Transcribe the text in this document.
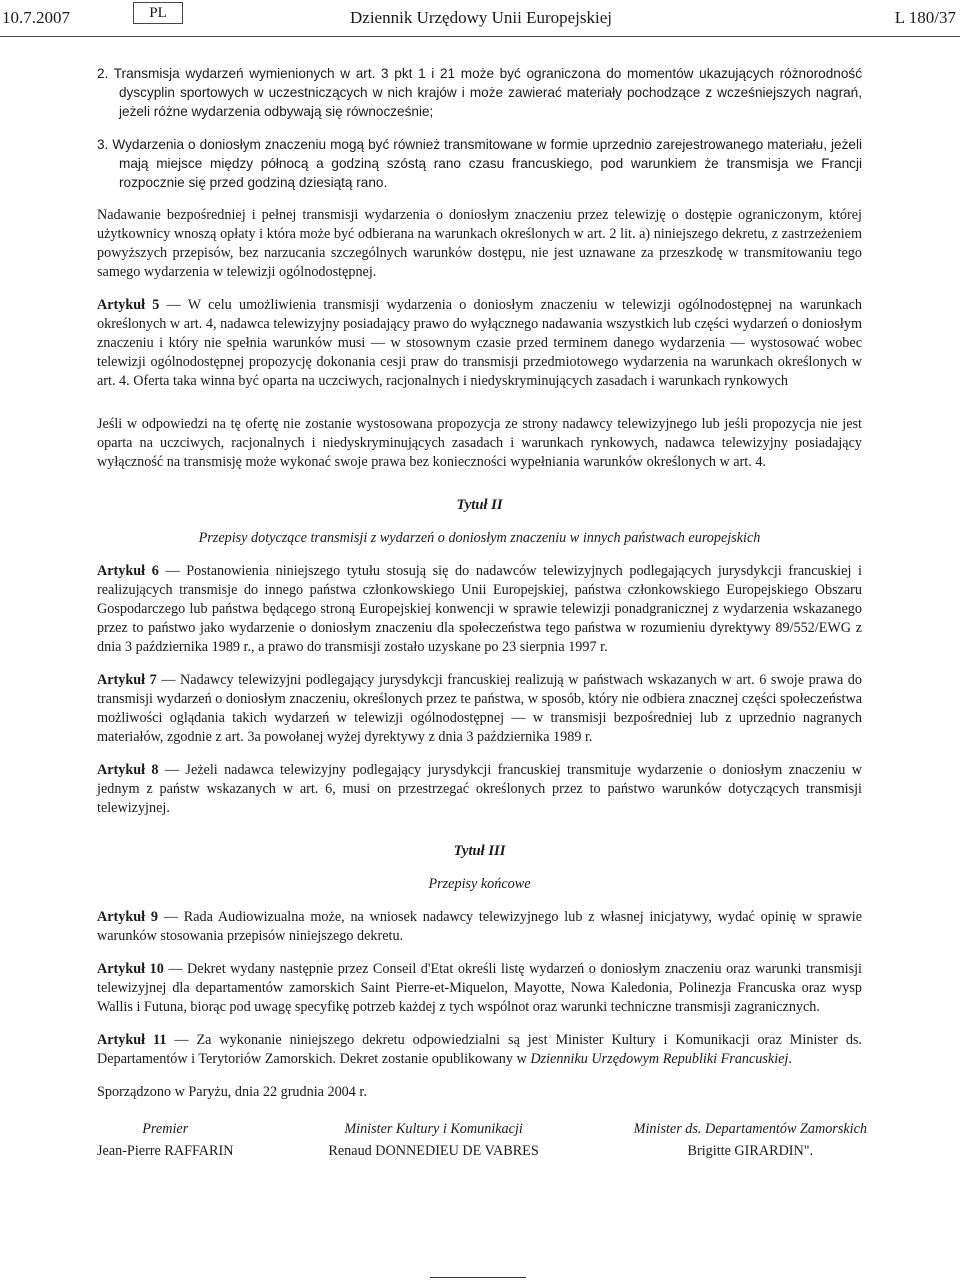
10.7.2007	PL	Dziennik Urzędowy Unii Europejskiej	L 180/37

2. Transmisja wydarzeń wymienionych w art. 3 pkt 1 i 21 może być ograniczona do momentów ukazujących różnorodność dyscyplin sportowych w uczestniczących w nich krajów i może zawierać materiały pochodzące z wcześniejszych nagrań, jeżeli różne wydarzenia odbywają się równocześnie;

3. Wydarzenia o doniosłym znaczeniu mogą być również transmitowane w formie uprzednio zarejestrowanego materiału, jeżeli mają miejsce między północą a godziną szóstą rano czasu francuskiego, pod warunkiem że transmisja we Francji rozpocznie się przed godziną dziesiątą rano.

Nadawanie bezpośredniej i pełnej transmisji wydarzenia o doniosłym znaczeniu przez telewizję o dostępie ograniczonym, której użytkownicy wnoszą opłaty i która może być odbierana na warunkach określonych w art. 2 lit. a) niniejszego dekretu, z zastrzeżeniem powyższych przepisów, bez narzucania szczególnych warunków dostępu, nie jest uznawane za przeszkodę w transmitowaniu tego samego wydarzenia w telewizji ogólnodostępnej.

Artykuł 5 — W celu umożliwienia transmisji wydarzenia o doniosłym znaczeniu w telewizji ogólnodostępnej na warunkach określonych w art. 4, nadawca telewizyjny posiadający prawo do wyłącznego nadawania wszystkich lub części wydarzeń o doniosłym znaczeniu i który nie spełnia warunków musi — w stosownym czasie przed terminem danego wydarzenia — wystosować wobec telewizji ogólnodostępnej propozycję dokonania cesji praw do transmisji przedmiotowego wydarzenia na warunkach określonych w art. 4. Oferta taka winna być oparta na uczciwych, racjonalnych i niedyskryminujących zasadach i warunkach rynkowych

Jeśli w odpowiedzi na tę ofertę nie zostanie wystosowana propozycja ze strony nadawcy telewizyjnego lub jeśli propozycja nie jest oparta na uczciwych, racjonalnych i niedyskryminujących zasadach i warunkach rynkowych, nadawca telewizyjny posiadający wyłączność na transmisję może wykonać swoje prawa bez konieczności wypełniania warunków określonych w art. 4.

Tytuł II

Przepisy dotyczące transmisji z wydarzeń o doniosłym znaczeniu w innych państwach europejskich

Artykuł 6 — Postanowienia niniejszego tytułu stosują się do nadawców telewizyjnych podlegających jurysdykcji francuskiej i realizujących transmisje do innego państwa członkowskiego Unii Europejskiej, państwa członkowskiego Europejskiego Obszaru Gospodarczego lub państwa będącego stroną Europejskiej konwencji w sprawie telewizji ponadgranicznej z wydarzenia wskazanego przez to państwo jako wydarzenie o doniosłym znaczeniu dla społeczeństwa tego państwa w rozumieniu dyrektywy 89/552/EWG z dnia 3 października 1989 r., a prawo do transmisji zostało uzyskane po 23 sierpnia 1997 r.

Artykuł 7 — Nadawcy telewizyjni podlegający jurysdykcji francuskiej realizują w państwach wskazanych w art. 6 swoje prawa do transmisji wydarzeń o doniosłym znaczeniu, określonych przez te państwa, w sposób, który nie odbiera znacznej części społeczeństwa możliwości oglądania takich wydarzeń w telewizji ogólnodostępnej — w transmisji bezpośredniej lub z uprzednio nagranych materiałów, zgodnie z art. 3a powołanej wyżej dyrektywy z dnia 3 października 1989 r.

Artykuł 8 — Jeżeli nadawca telewizyjny podlegający jurysdykcji francuskiej transmituje wydarzenie o doniosłym znaczeniu w jednym z państw wskazanych w art. 6, musi on przestrzegać określonych przez to państwo warunków dotyczących transmisji telewizyjnej.

Tytuł III

Przepisy końcowe

Artykuł 9 — Rada Audiowizualna może, na wniosek nadawcy telewizyjnego lub z własnej inicjatywy, wydać opinię w sprawie warunków stosowania przepisów niniejszego dekretu.

Artykuł 10 — Dekret wydany następnie przez Conseil d'Etat określi listę wydarzeń o doniosłym znaczeniu oraz warunki transmisji telewizyjnej dla departamentów zamorskich Saint Pierre-et-Miquelon, Mayotte, Nowa Kaledonia, Polinezja Francuska oraz wysp Wallis i Futuna, biorąc pod uwagę specyfikę potrzeb każdej z tych wspólnot oraz warunki techniczne transmisji zagranicznych.

Artykuł 11 — Za wykonanie niniejszego dekretu odpowiedzialni są jest Minister Kultury i Komunikacji oraz Minister ds. Departamentów i Terytoriów Zamorskich. Dekret zostanie opublikowany w Dzienniku Urzędowym Republiki Francuskiej.

Sporządzono w Paryżu, dnia 22 grudnia 2004 r.

Premier
Jean-Pierre RAFFARIN
Minister Kultury i Komunikacji
Renaud DONNEDIEU DE VABRES
Minister ds. Departamentów Zamorskich
Brigitte GIRARDIN".
